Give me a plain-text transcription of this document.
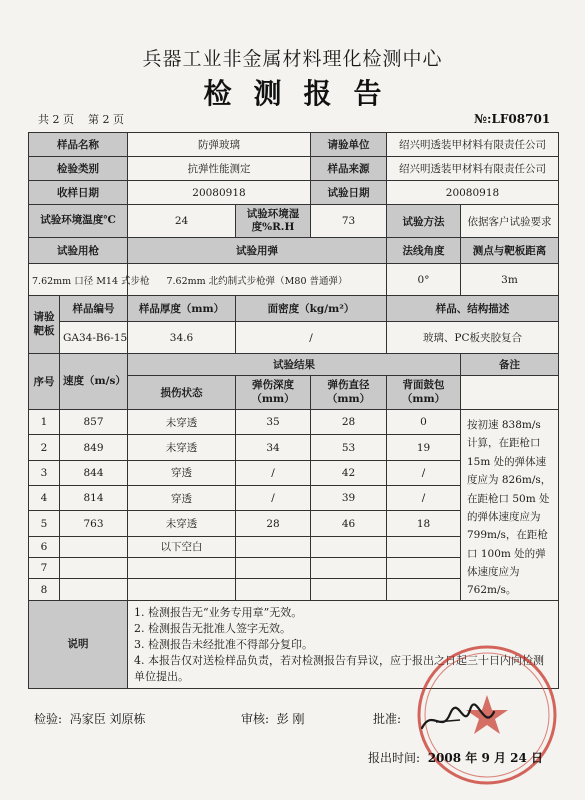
兵器工业非金属材料理化检测中心
检测报告
共 2 页 第 2 页	№:LF08701
样品名称		防弹玻璃		请验单位	绍兴明透装甲材料有限责任公司	
检验类别		抗弹性能测定		样品来源	绍兴明透装甲材料有限责任公司	
收样日期		20080918		试验日期	20080918	
试验环境温度℃		24	试验环境湿度%R.H	73	试验方法	依据客户试验要求
试验用枪		试验用弹			法线角度	测点与靶板距离
7.62mm 口径 M14 式步枪		7.62mm 北约制式步枪弹（M80 普通弹）			0°	3m
请验靶板	样品编号	样品厚度（mm）	面密度（kg/m²）		样品、结构描述	
	GA34-B6-15	34.6	/		玻璃、PC板夹胶复合	
序号	速度（m/s）	试验结果				备注
		损伤状态	弹伤深度（mm）	弹伤直径（mm）	背面鼓包（mm）	
1	857	未穿透	35	28	0	按初速 838m/s 计算，在距枪口 15m 处的弹体速度应为 826m/s，在距枪口 50m 处的弹体速度应为 799m/s，在距枪口 100m 处的弹体速度应为 762m/s。
2	849	未穿透	34	53	19	
3	844	穿透	/	42	/	
4	814	穿透	/	39	/	
5	763	未穿透	28	46	18	
6		以下空白				
7						
8						
说明		1. 检测报告无“业务专用章”无效。
2. 检测报告无批准人签字无效。
3. 检测报告未经批准不得部分复印。
4. 本报告仅对送检样品负责，若对检测报告有异议，应于报出之日起三十日内向检测单位提出。				
检验: 冯家臣 刘原栋	审核: 彭 刚	批准:
报出时间: 2008 年 9 月 24 日
